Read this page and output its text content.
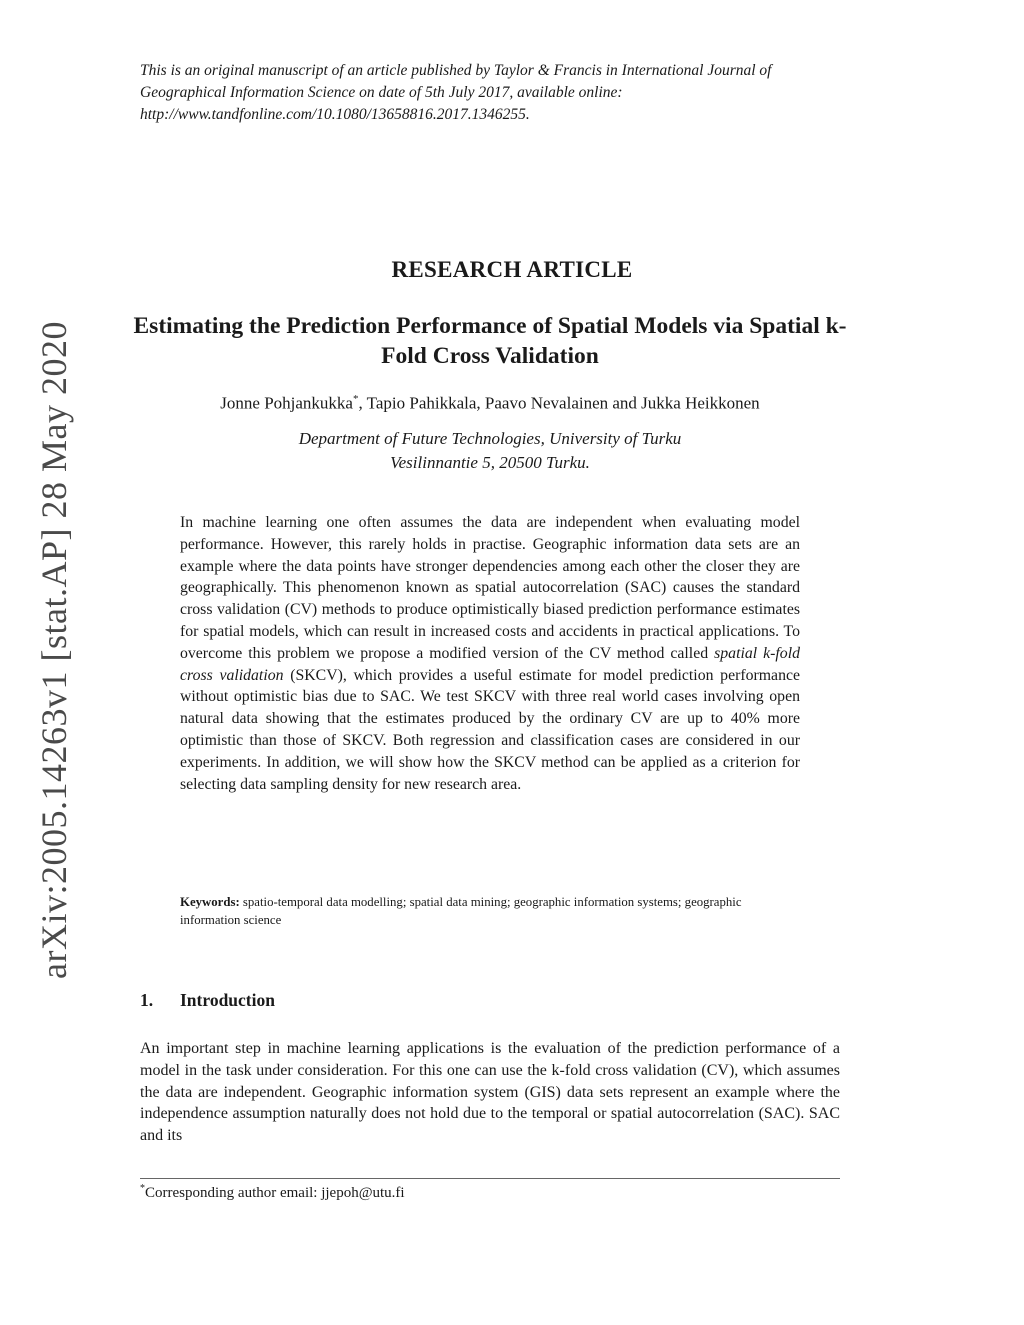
arXiv:2005.14263v1 [stat.AP] 28 May 2020

This is an original manuscript of an article published by Taylor & Francis in International Journal of Geographical Information Science on date of 5th July 2017, available online: http://www.tandfonline.com/10.1080/13658816.2017.1346255.

RESEARCH ARTICLE
Estimating the Prediction Performance of Spatial Models via Spatial k-Fold Cross Validation

Jonne Pohjankukka*, Tapio Pahikkala, Paavo Nevalainen and Jukka Heikkonen

Department of Future Technologies, University of Turku
Vesilinnantie 5, 20500 Turku.

In machine learning one often assumes the data are independent when evaluating model performance. However, this rarely holds in practise. Geographic information data sets are an example where the data points have stronger dependencies among each other the closer they are geographically. This phenomenon known as spatial autocorrelation (SAC) causes the standard cross validation (CV) methods to produce optimistically biased prediction performance estimates for spatial models, which can result in increased costs and accidents in practical applications. To overcome this problem we propose a modified version of the CV method called spatial k-fold cross validation (SKCV), which provides a useful estimate for model prediction performance without optimistic bias due to SAC. We test SKCV with three real world cases involving open natural data showing that the estimates produced by the ordinary CV are up to 40% more optimistic than those of SKCV. Both regression and classification cases are considered in our experiments. In addition, we will show how the SKCV method can be applied as a criterion for selecting data sampling density for new research area.

Keywords: spatio-temporal data modelling; spatial data mining; geographic information systems; geographic information science

1. Introduction

An important step in machine learning applications is the evaluation of the prediction performance of a model in the task under consideration. For this one can use the k-fold cross validation (CV), which assumes the data are independent. Geographic information system (GIS) data sets represent an example where the independence assumption naturally does not hold due to the temporal or spatial autocorrelation (SAC). SAC and its

*Corresponding author email: jjepoh@utu.fi
